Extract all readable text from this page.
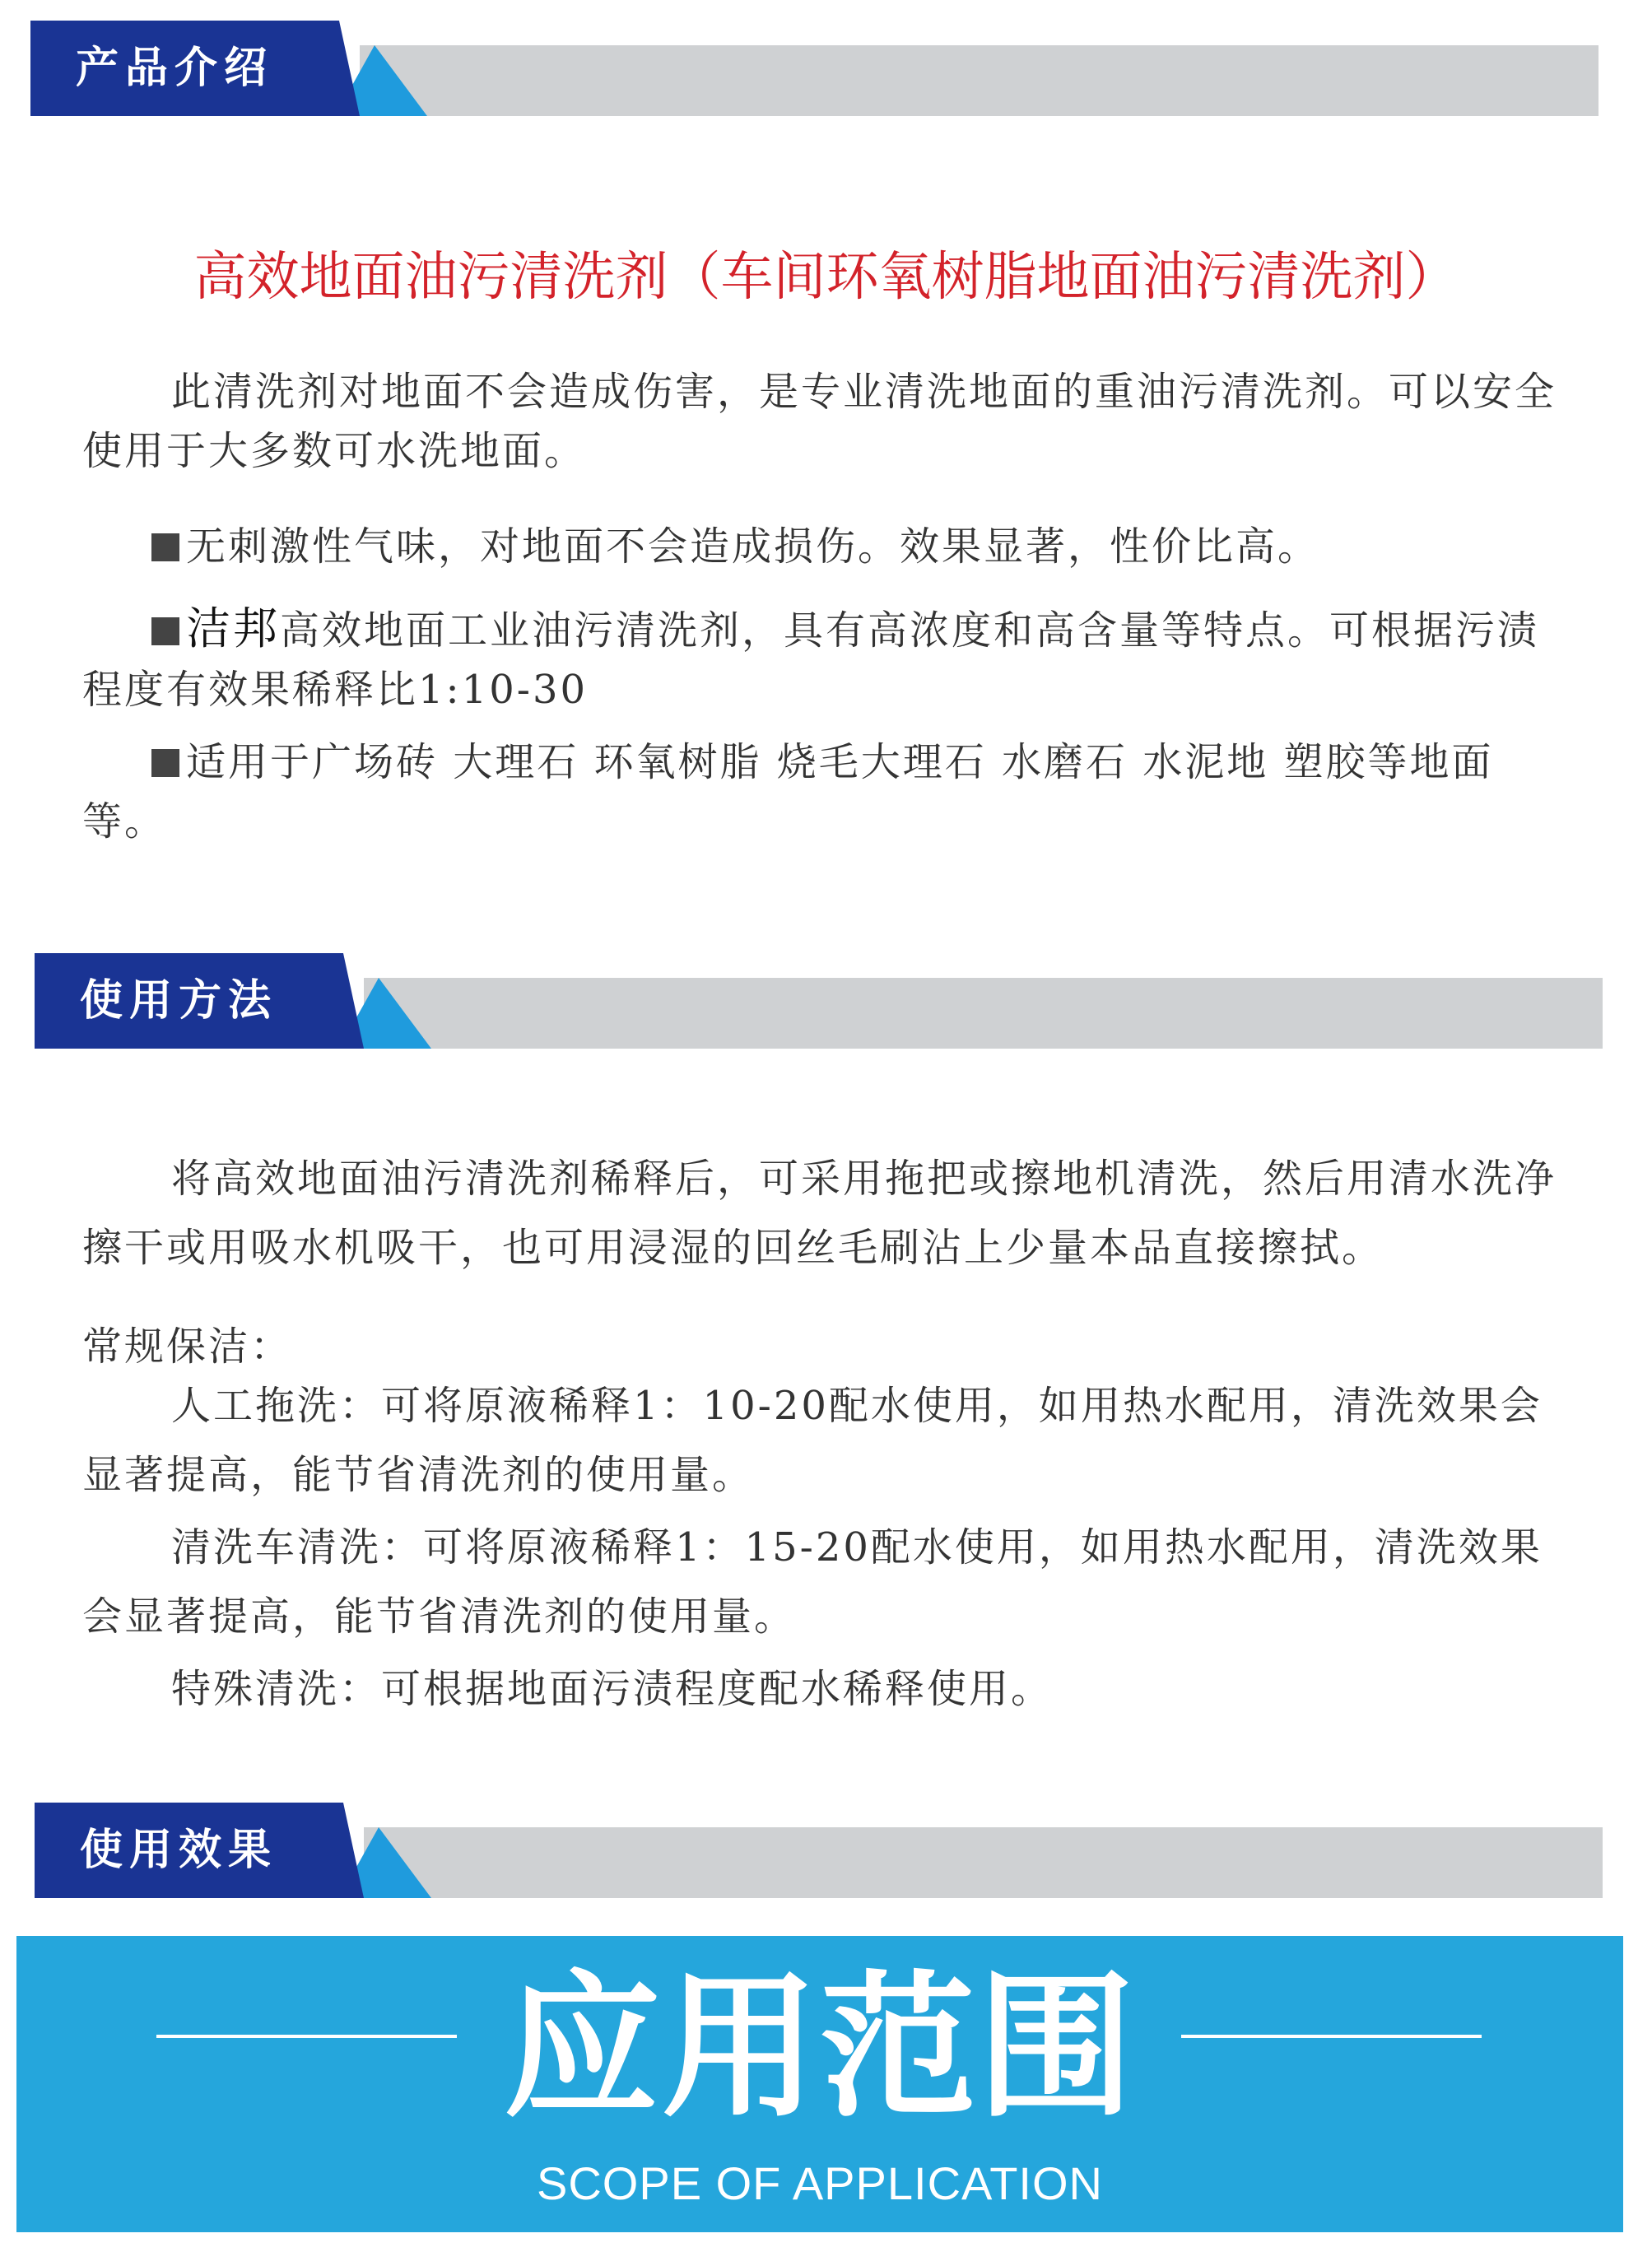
产品介绍
高效地面油污清洗剂（车间环氧树脂地面油污清洗剂）

此清洗剂对地面不会造成伤害，是专业清洗地面的重油污清洗剂。可以安全使用于大多数可水洗地面。

无刺激性气味，对地面不会造成损伤。效果显著，性价比高。

洁邦高效地面工业油污清洗剂，具有高浓度和高含量等特点。可根据污渍程度有效果稀释比1:10-30

适用于广场砖 大理石 环氧树脂 烧毛大理石 水磨石 水泥地 塑胶等地面等。

使用方法

将高效地面油污清洗剂稀释后，可采用拖把或擦地机清洗，然后用清水洗净擦干或用吸水机吸干，也可用浸湿的回丝毛刷沾上少量本品直接擦拭。

常规保洁：

人工拖洗：可将原液稀释1：10-20配水使用，如用热水配用，清洗效果会显著提高，能节省清洗剂的使用量。

清洗车清洗：可将原液稀释1：15-20配水使用，如用热水配用，清洗效果会显著提高，能节省清洗剂的使用量。

特殊清洗：可根据地面污渍程度配水稀释使用。

使用效果
应用范围
SCOPE OF APPLICATION
